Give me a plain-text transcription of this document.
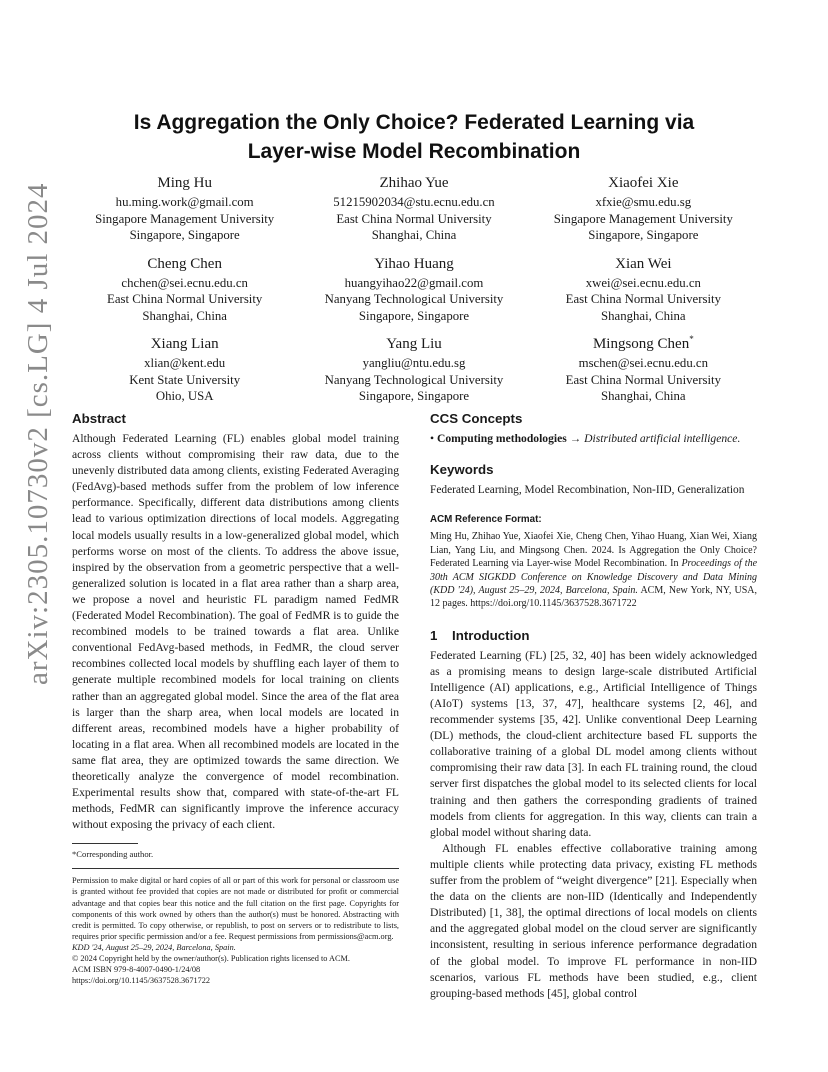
arXiv:2305.10730v2 [cs.LG] 4 Jul 2024
Is Aggregation the Only Choice? Federated Learning via
Layer-wise Model Recombination
Ming Hu
hu.ming.work@gmail.com
Singapore Management University
Singapore, Singapore
Zhihao Yue
51215902034@stu.ecnu.edu.cn
East China Normal University
Shanghai, China
Xiaofei Xie
xfxie@smu.edu.sg
Singapore Management University
Singapore, Singapore
Cheng Chen
chchen@sei.ecnu.edu.cn
East China Normal University
Shanghai, China
Yihao Huang
huangyihao22@gmail.com
Nanyang Technological University
Singapore, Singapore
Xian Wei
xwei@sei.ecnu.edu.cn
East China Normal University
Shanghai, China
Xiang Lian
xlian@kent.edu
Kent State University
Ohio, USA
Yang Liu
yangliu@ntu.edu.sg
Nanyang Technological University
Singapore, Singapore
Mingsong Chen*
mschen@sei.ecnu.edu.cn
East China Normal University
Shanghai, China
Abstract

Although Federated Learning (FL) enables global model training across clients without compromising their raw data, due to the unevenly distributed data among clients, existing Federated Averaging (FedAvg)-based methods suffer from the problem of low inference performance. Specifically, different data distributions among clients lead to various optimization directions of local models. Aggregating local models usually results in a low-generalized global model, which performs worse on most of the clients. To address the above issue, inspired by the observation from a geometric perspective that a well-generalized solution is located in a flat area rather than a sharp area, we propose a novel and heuristic FL paradigm named FedMR (Federated Model Recombination). The goal of FedMR is to guide the recombined models to be trained towards a flat area. Unlike conventional FedAvg-based methods, in FedMR, the cloud server recombines collected local models by shuffling each layer of them to generate multiple recombined models for local training on clients rather than an aggregated global model. Since the area of the flat area is larger than the sharp area, when local models are located in different areas, recombined models have a higher probability of locating in a flat area. When all recombined models are located in the same flat area, they are optimized towards the same direction. We theoretically analyze the convergence of model recombination. Experimental results show that, compared with state-of-the-art FL methods, FedMR can significantly improve the inference accuracy without exposing the privacy of each client.

*Corresponding author.
Permission to make digital or hard copies of all or part of this work for personal or classroom use is granted without fee provided that copies are not made or distributed for profit or commercial advantage and that copies bear this notice and the full citation on the first page. Copyrights for components of this work owned by others than the author(s) must be honored. Abstracting with credit is permitted. To copy otherwise, or republish, to post on servers or to redistribute to lists, requires prior specific permission and/or a fee. Request permissions from permissions@acm.org.
KDD '24, August 25–29, 2024, Barcelona, Spain.
© 2024 Copyright held by the owner/author(s). Publication rights licensed to ACM.
ACM ISBN 979-8-4007-0490-1/24/08
https://doi.org/10.1145/3637528.3671722
CCS Concepts
• Computing methodologies → Distributed artificial intelligence.
Keywords
Federated Learning, Model Recombination, Non-IID, Generalization
ACM Reference Format:
Ming Hu, Zhihao Yue, Xiaofei Xie, Cheng Chen, Yihao Huang, Xian Wei, Xiang Lian, Yang Liu, and Mingsong Chen. 2024. Is Aggregation the Only Choice? Federated Learning via Layer-wise Model Recombination. In Proceedings of the 30th ACM SIGKDD Conference on Knowledge Discovery and Data Mining (KDD '24), August 25–29, 2024, Barcelona, Spain. ACM, New York, NY, USA, 12 pages. https://doi.org/10.1145/3637528.3671722
1 Introduction

Federated Learning (FL) [25, 32, 40] has been widely acknowledged as a promising means to design large-scale distributed Artificial Intelligence (AI) applications, e.g., Artificial Intelligence of Things (AIoT) systems [13, 37, 47], healthcare systems [2, 46], and recommender systems [35, 42]. Unlike conventional Deep Learning (DL) methods, the cloud-client architecture based FL supports the collaborative training of a global DL model among clients without compromising their raw data [3]. In each FL training round, the cloud server first dispatches the global model to its selected clients for local training and then gathers the corresponding gradients of trained models from clients for aggregation. In this way, clients can train a global model without sharing data.

Although FL enables effective collaborative training among multiple clients while protecting data privacy, existing FL methods suffer from the problem of “weight divergence” [21]. Especially when the data on the clients are non-IID (Identically and Independently Distributed) [1, 38], the optimal directions of local models on clients and the aggregated global model on the cloud server are significantly inconsistent, resulting in serious inference performance degradation of the global model. To improve FL performance in non-IID scenarios, various FL methods have been studied, e.g., client grouping-based methods [45], global control
